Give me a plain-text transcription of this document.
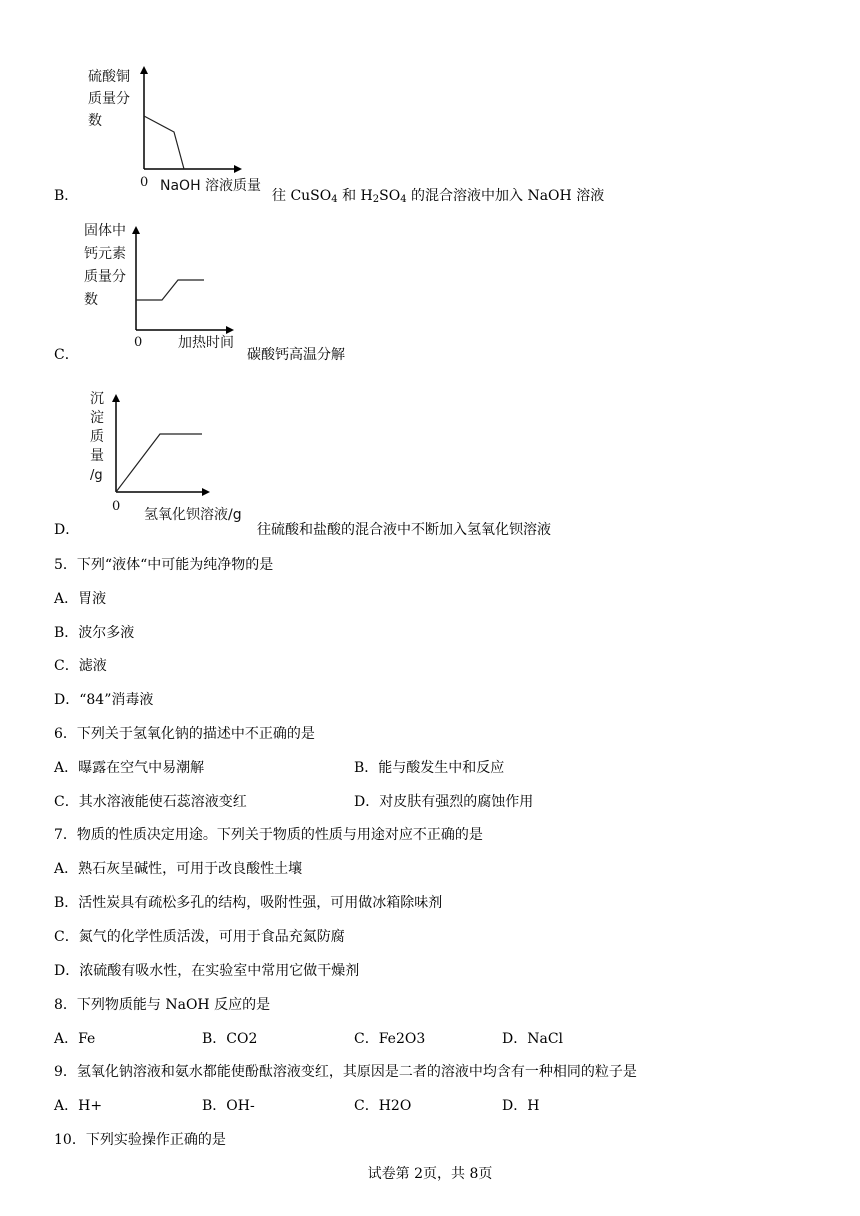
硫酸铜
质量分
数
0 NaOH 溶液质量
B．	往 CuSO$_4$ 和 $H_2SO_4$ 的混合溶液中加入 NaOH 溶液
固体中
钙元素
质量分
数
0	加热时间
C．	碳酸钙高温分解
沉
淀
质
量
/g
0
氢氧化钡溶液/g
D．	往硫酸和盐酸的混合液中不断加入氢氧化钡溶液
5．下列“液体“中可能为纯净物的是
A．胃液
B．波尔多液
C．滤液
D．“84”消毒液
6．下列关于氢氧化钠的描述中不正确的是
A．曝露在空气中易潮解	B．能与酸发生中和反应
C．其水溶液能使石蕊溶液变红	D．对皮肤有强烈的腐蚀作用
7．物质的性质决定用途。下列关于物质的性质与用途对应不正确的是
A．熟石灰呈碱性，可用于改良酸性土壤
B．活性炭具有疏松多孔的结构，吸附性强，可用做冰箱除味剂
C．氮气的化学性质活泼，可用于食品充氮防腐
D．浓硫酸有吸水性，在实验室中常用它做干燥剂
8．下列物质能与 NaOH 反应的是
A．Fe	B．CO2	C．Fe2O3	D．NaCl
9．氢氧化钠溶液和氨水都能使酚酞溶液变红，其原因是二者的溶液中均含有一种相同的粒子是
A．H+	B．OH-	C．H2O	D．H
10．下列实验操作正确的是
试卷第 2页，共 8页
